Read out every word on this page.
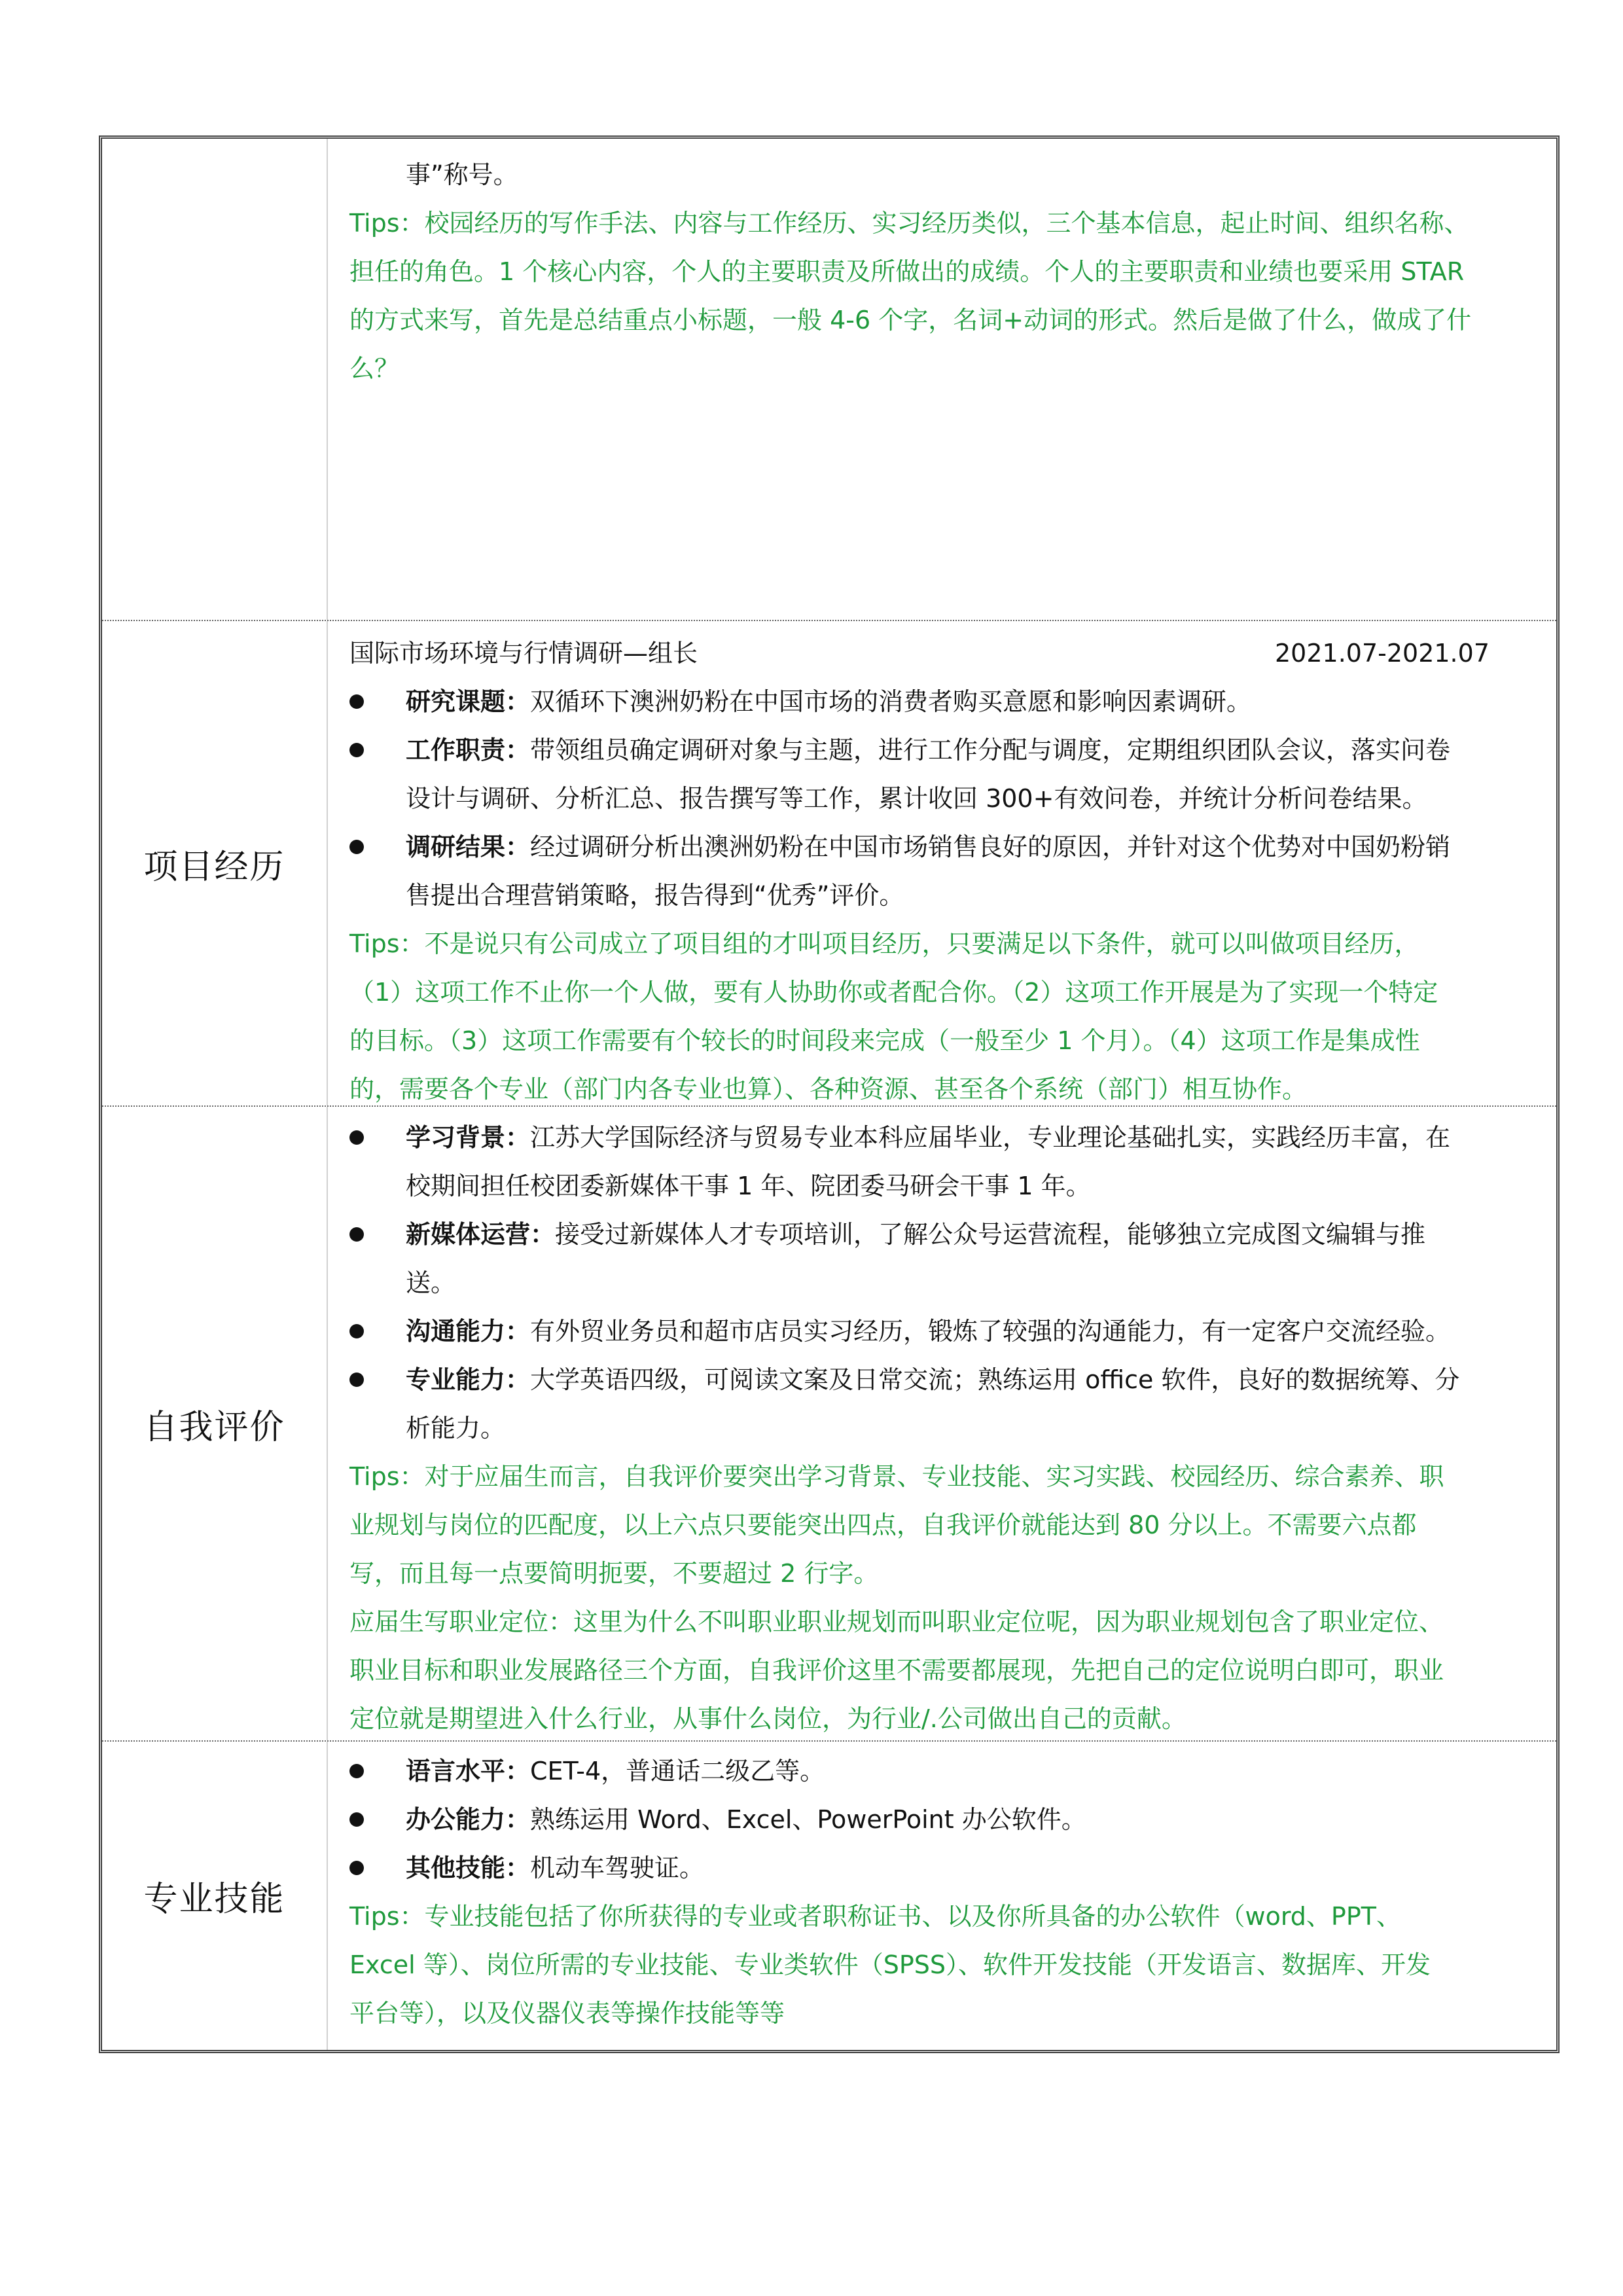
事”称号。
Tips：校园经历的写作手法、内容与工作经历、实习经历类似，三个基本信息，起止时间、组织名称、
担任的角色。1 个核心内容，个人的主要职责及所做出的成绩。个人的主要职责和业绩也要采用 STAR
的方式来写，首先是总结重点小标题，一般 4-6 个字，名词+动词的形式。然后是做了什么，做成了什
么？
项目经历
国际市场环境与行情调研—组长	2021.07-2021.07
研究课题：双循环下澳洲奶粉在中国市场的消费者购买意愿和影响因素调研。
工作职责：带领组员确定调研对象与主题，进行工作分配与调度，定期组织团队会议，落实问卷
设计与调研、分析汇总、报告撰写等工作，累计收回 300+有效问卷，并统计分析问卷结果。
调研结果：经过调研分析出澳洲奶粉在中国市场销售良好的原因，并针对这个优势对中国奶粉销
售提出合理营销策略，报告得到“优秀”评价。
Tips：不是说只有公司成立了项目组的才叫项目经历，只要满足以下条件，就可以叫做项目经历，
（1）这项工作不止你一个人做，要有人协助你或者配合你。（2）这项工作开展是为了实现一个特定
的目标。（3）这项工作需要有个较长的时间段来完成（一般至少 1 个月）。（4）这项工作是集成性
的，需要各个专业（部门内各专业也算）、各种资源、甚至各个系统（部门）相互协作。
自我评价
学习背景：江苏大学国际经济与贸易专业本科应届毕业，专业理论基础扎实，实践经历丰富，在
校期间担任校团委新媒体干事 1 年、院团委马研会干事 1 年。
新媒体运营：接受过新媒体人才专项培训，了解公众号运营流程，能够独立完成图文编辑与推
送。
沟通能力：有外贸业务员和超市店员实习经历，锻炼了较强的沟通能力，有一定客户交流经验。
专业能力：大学英语四级，可阅读文案及日常交流；熟练运用 office 软件，良好的数据统筹、分
析能力。
Tips：对于应届生而言，自我评价要突出学习背景、专业技能、实习实践、校园经历、综合素养、职
业规划与岗位的匹配度，以上六点只要能突出四点，自我评价就能达到 80 分以上。不需要六点都
写，而且每一点要简明扼要，不要超过 2 行字。
应届生写职业定位：这里为什么不叫职业职业规划而叫职业定位呢，因为职业规划包含了职业定位、
职业目标和职业发展路径三个方面，自我评价这里不需要都展现，先把自己的定位说明白即可，职业
定位就是期望进入什么行业，从事什么岗位，为行业/.公司做出自己的贡献。
专业技能
语言水平：CET-4，普通话二级乙等。
办公能力：熟练运用 Word、Excel、PowerPoint 办公软件。
其他技能：机动车驾驶证。
Tips：专业技能包括了你所获得的专业或者职称证书、以及你所具备的办公软件（word、PPT、
Excel 等）、岗位所需的专业技能、专业类软件（SPSS）、软件开发技能（开发语言、数据库、开发
平台等），以及仪器仪表等操作技能等等
